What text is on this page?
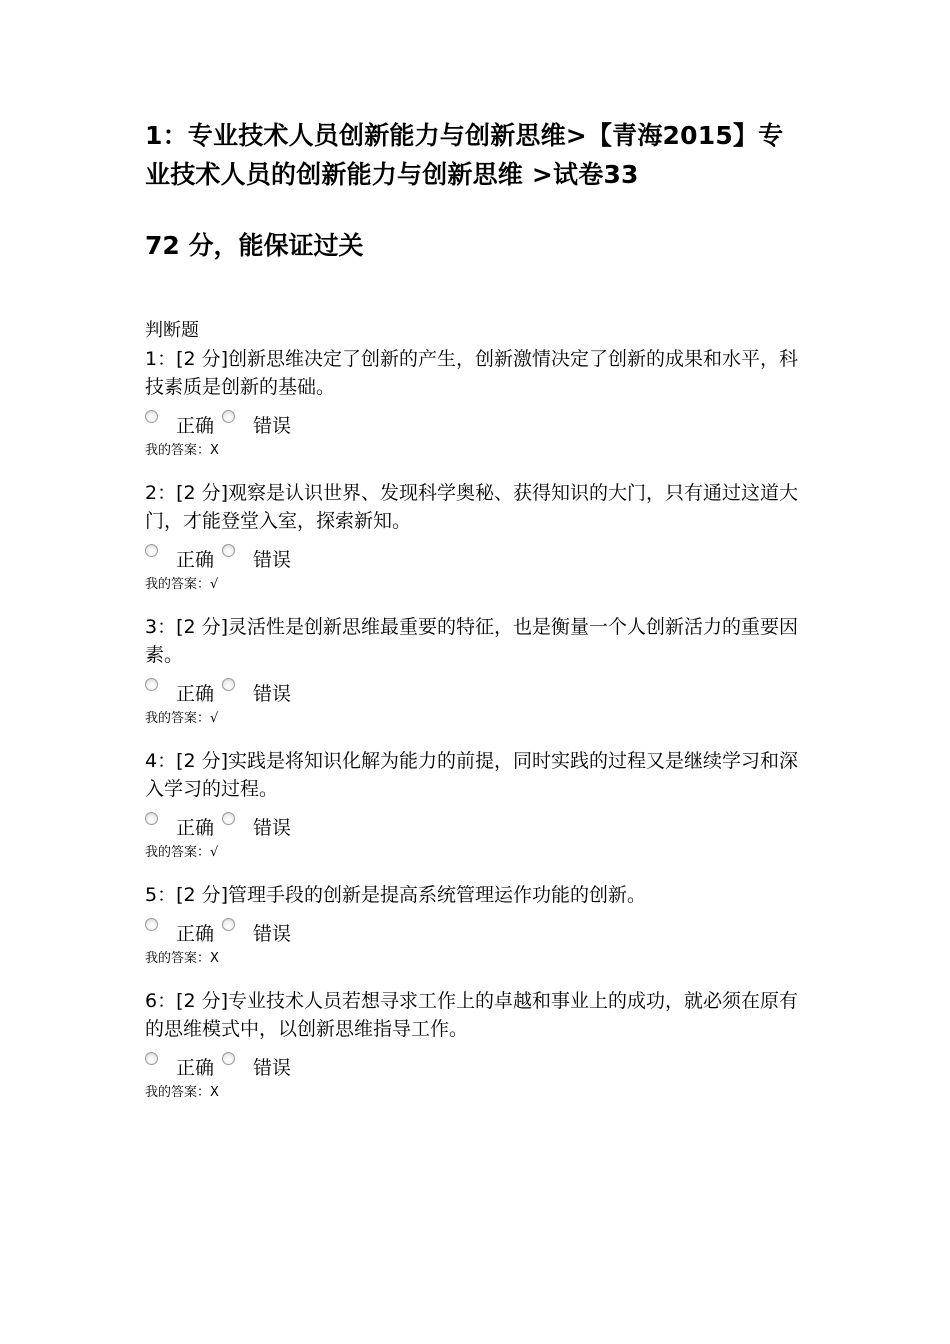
1：专业技术人员创新能力与创新思维>【青海2015】专业技术人员的创新能力与创新思维 >试卷33
72 分，能保证过关
判断题
1：[2 分]创新思维决定了创新的产生，创新激情决定了创新的成果和水平，科技素质是创新的基础。
正确 错误
我的答案：X
2：[2 分]观察是认识世界、发现科学奥秘、获得知识的大门，只有通过这道大门，才能登堂入室，探索新知。
正确 错误
我的答案：√
3：[2 分]灵活性是创新思维最重要的特征，也是衡量一个人创新活力的重要因素。
正确 错误
我的答案：√
4：[2 分]实践是将知识化解为能力的前提，同时实践的过程又是继续学习和深入学习的过程。
正确 错误
我的答案：√
5：[2 分]管理手段的创新是提高系统管理运作功能的创新。
正确 错误
我的答案：X
6：[2 分]专业技术人员若想寻求工作上的卓越和事业上的成功，就必须在原有的思维模式中，以创新思维指导工作。
正确 错误
我的答案：X
